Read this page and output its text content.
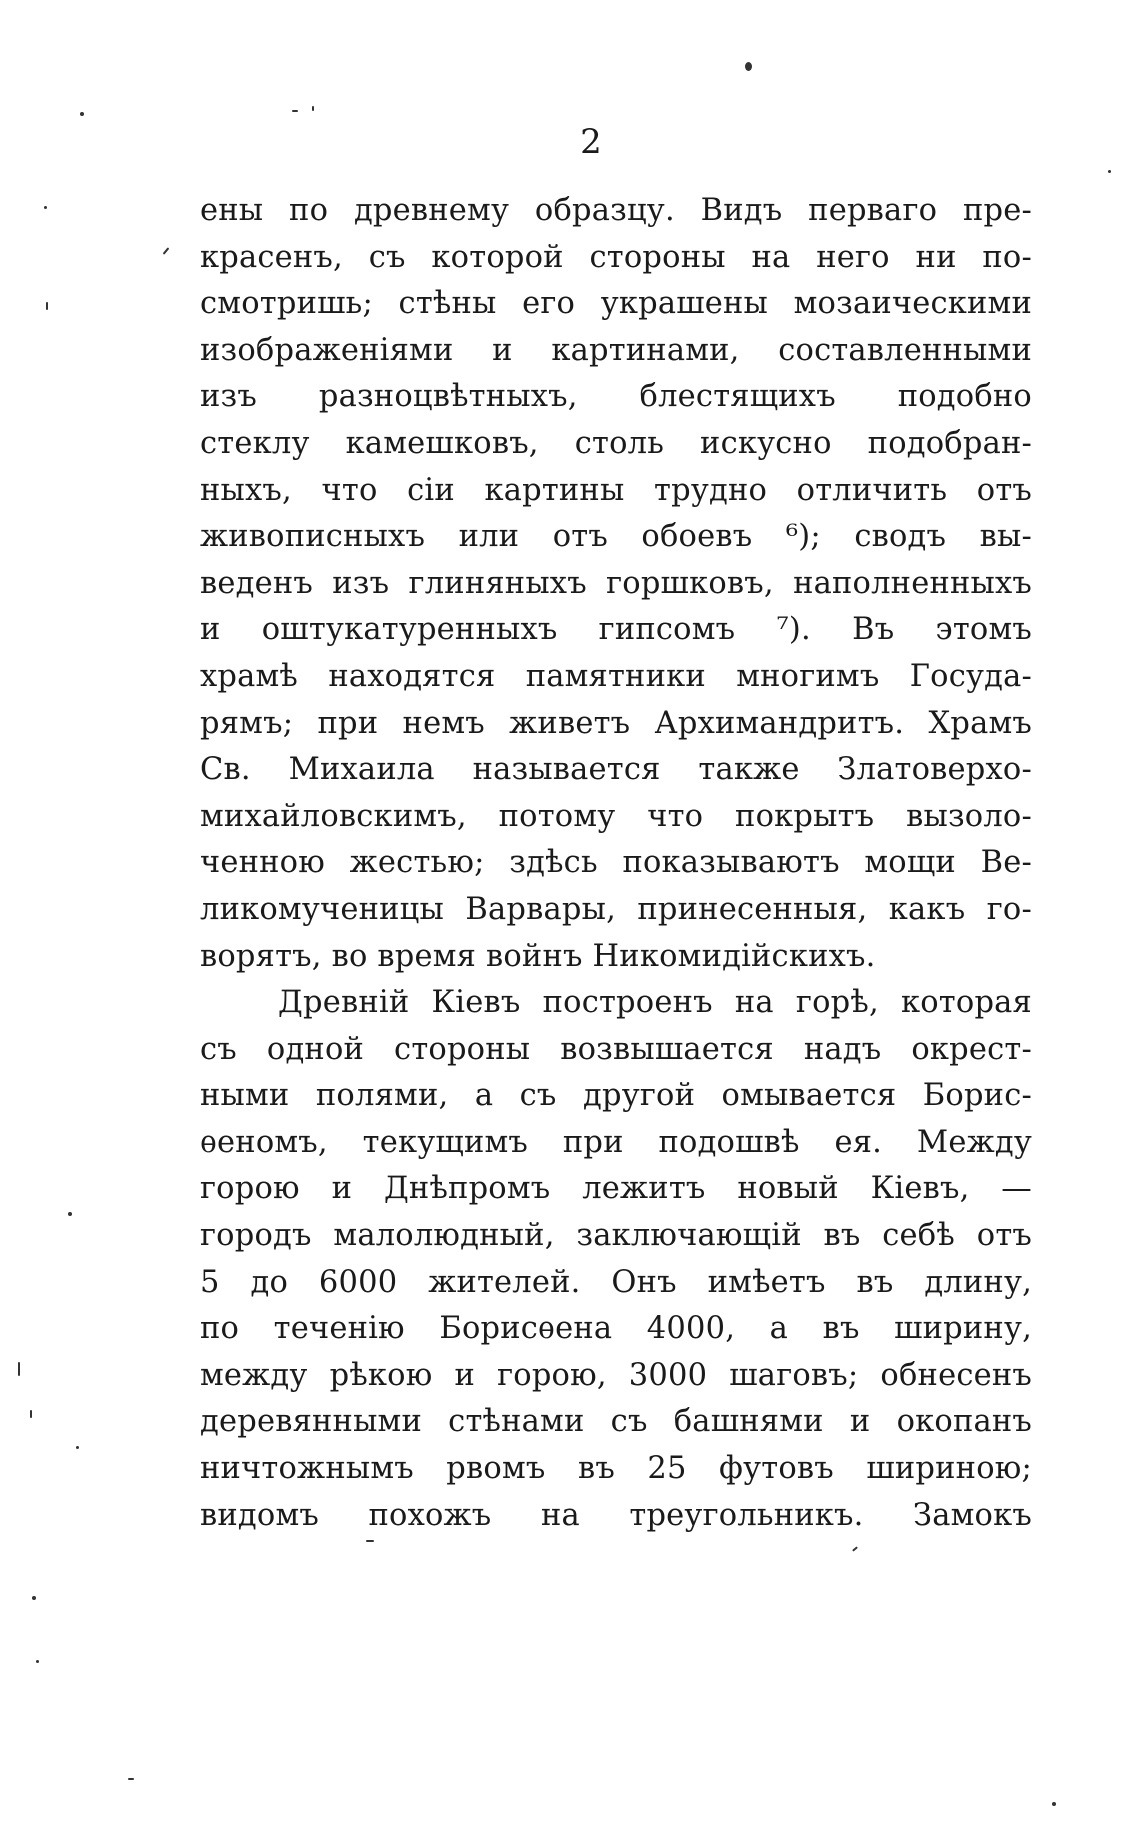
2
ены по древнему образцу. Видъ перваго пре-
красенъ, съ которой стороны на него ни по-
смотришь; стѣны его украшены мозаическими
изображеніями и картинами, составленными
изъ разноцвѣтныхъ, блестящихъ подобно
стеклу камешковъ, столь искусно подобран-
ныхъ, что сіи картины трудно отличить отъ
живописныхъ или отъ обоевъ ⁶); сводъ вы-
веденъ изъ глиняныхъ горшковъ, наполненныхъ
и оштукатуренныхъ гипсомъ ⁷). Въ этомъ
храмѣ находятся памятники многимъ Госуда-
рямъ; при немъ живетъ Архимандритъ. Храмъ
Св. Михаила называется также Златоверхо-
михайловскимъ, потому что покрытъ вызоло-
ченною жестью; здѣсь показываютъ мощи Ве-
ликомученицы Варвары, принесенныя, какъ го-
ворятъ, во время войнъ Никомидійскихъ.
Древній Кіевъ построенъ на горѣ, которая
съ одной стороны возвышается надъ окрест-
ными полями, а съ другой омывается Борис-
ѳеномъ, текущимъ при подошвѣ ея. Между
горою и Днѣпромъ лежитъ новый Кіевъ, —
городъ малолюдный, заключающій въ себѣ отъ
5 до 6000 жителей. Онъ имѣетъ въ длину,
по теченію Борисѳена 4000, а въ ширину,
между рѣкою и горою, 3000 шаговъ; обнесенъ
деревянными стѣнами съ башнями и окопанъ
ничтожнымъ рвомъ въ 25 футовъ шириною;
видомъ похожъ на треугольникъ. Замокъ
